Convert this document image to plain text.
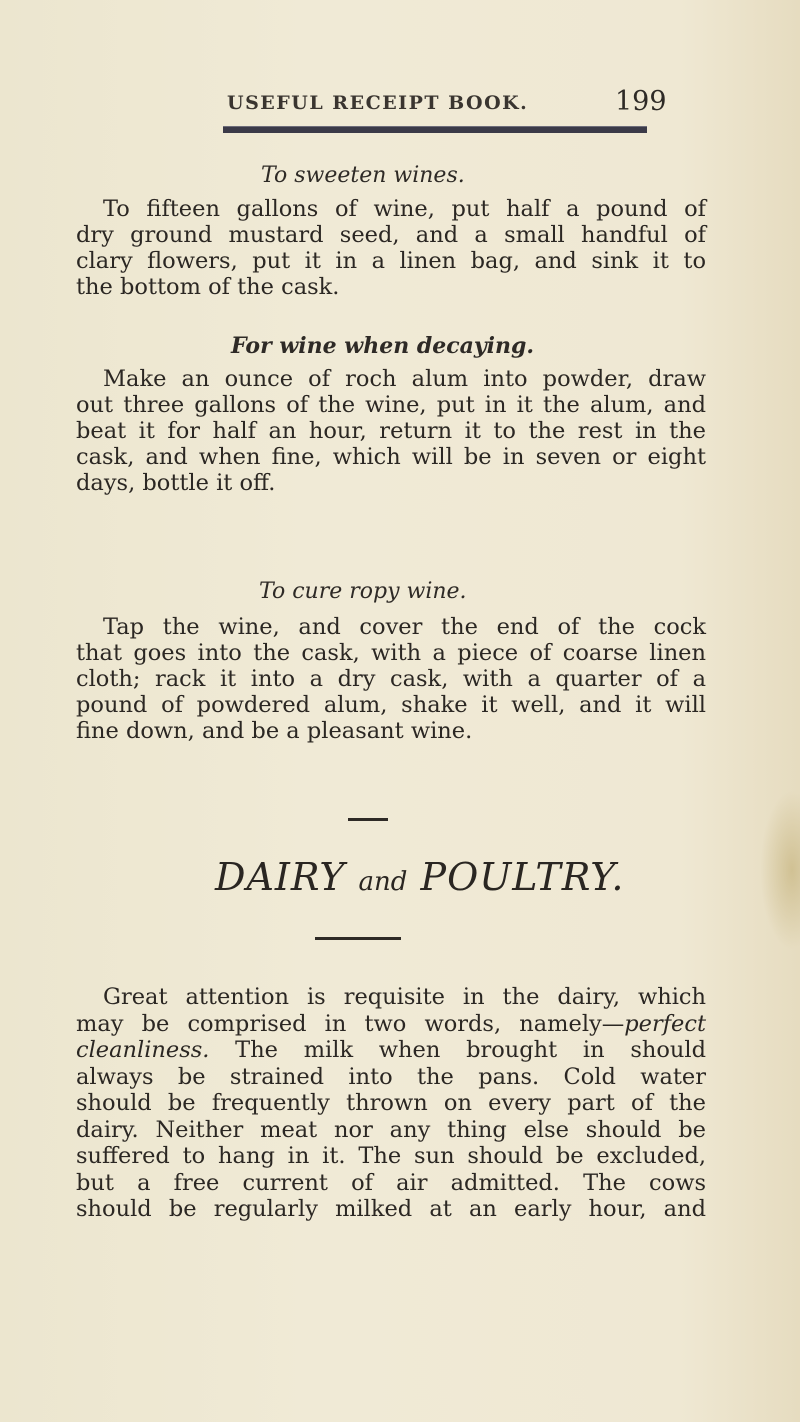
USEFUL RECEIPT BOOK.	199
To sweeten wines.
To fifteen gallons of wine, put half a pound of
dry ground mustard seed, and a small handful of
clary flowers, put it in a linen bag, and sink it to
the bottom of the cask.
For wine when decaying.
Make an ounce of roch alum into powder, draw
out three gallons of the wine, put in it the alum, and
beat it for half an hour, return it to the rest in the
cask, and when fine, which will be in seven or eight
days, bottle it off.
To cure ropy wine.
Tap the wine, and cover the end of the cock
that goes into the cask, with a piece of coarse linen
cloth; rack it into a dry cask, with a quarter of a
pound of powdered alum, shake it well, and it will
fine down, and be a pleasant wine.
DAIRY and POULTRY.
Great attention is requisite in the dairy, which
may be comprised in two words, namely—perfect
cleanliness. The milk when brought in should
always be strained into the pans. Cold water
should be frequently thrown on every part of the
dairy. Neither meat nor any thing else should be
suffered to hang in it. The sun should be excluded,
but a free current of air admitted. The cows
should be regularly milked at an early hour, and
